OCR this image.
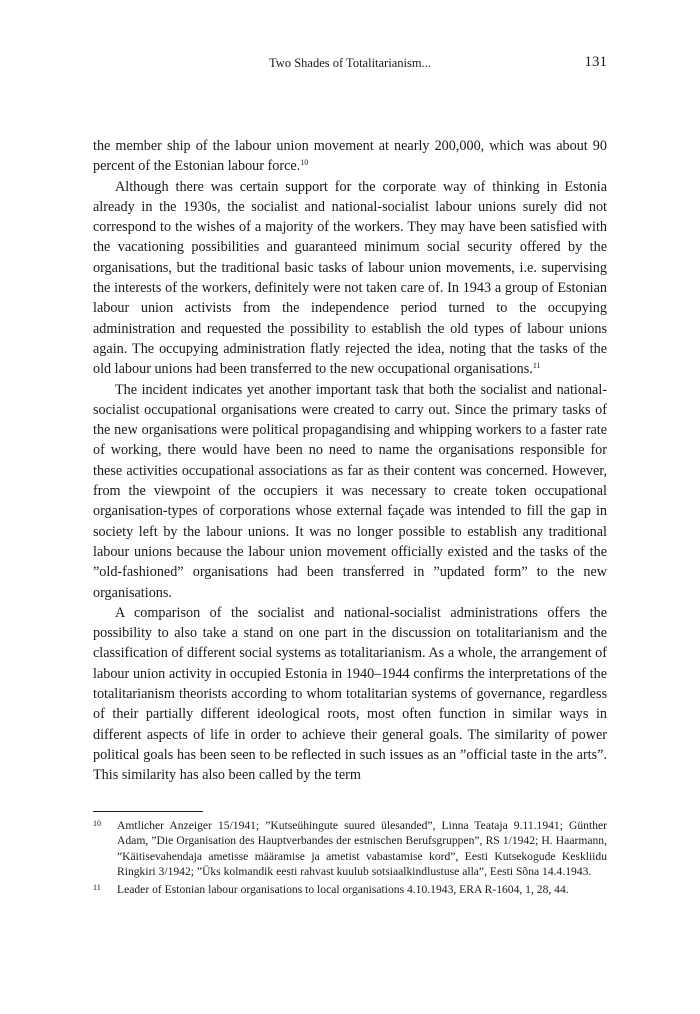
Two Shades of Totalitarianism...	131

the member ship of the labour union movement at nearly 200,000, which was about 90 percent of the Estonian labour force.$^{10}$

Although there was certain support for the corporate way of thinking in Estonia already in the 1930s, the socialist and national-socialist labour unions surely did not correspond to the wishes of a majority of the workers. They may have been satisfied with the vacationing possibilities and guaranteed minimum social security offered by the organisations, but the traditional basic tasks of labour union movements, i.e. supervising the interests of the workers, definitely were not taken care of. In 1943 a group of Estonian labour union activists from the independence period turned to the occupying administration and requested the possibility to establish the old types of labour unions again. The occupying administration flatly rejected the idea, noting that the tasks of the old labour unions had been transferred to the new occupational organisations.$^{11}$

The incident indicates yet another important task that both the socialist and national-socialist occupational organisations were created to carry out. Since the primary tasks of the new organisations were political propagandising and whipping workers to a faster rate of working, there would have been no need to name the organisations responsible for these activities occupational associations as far as their content was concerned. However, from the viewpoint of the occupiers it was necessary to create token occupational organisation-types of corporations whose external façade was intended to fill the gap in society left by the labour unions. It was no longer possible to establish any traditional labour unions because the labour union movement officially existed and the tasks of the ”old-fashioned” organisations had been transferred in ”updated form” to the new organisations.

A comparison of the socialist and national-socialist administrations offers the possibility to also take a stand on one part in the discussion on totalitarianism and the classification of different social systems as totalitarianism. As a whole, the arrangement of labour union activity in occupied Estonia in 1940–1944 confirms the interpretations of the totalitarianism theorists according to whom totalitarian systems of governance, regardless of their partially different ideological roots, most often function in similar ways in different aspects of life in order to achieve their general goals. The similarity of power political goals has been seen to be reflected in such issues as an ”official taste in the arts”. This similarity has also been called by the term

10 Amtlicher Anzeiger 15/1941; ”Kutseühingute suured ülesanded”, Linna Teataja 9.11.1941; Günther Adam, ”Die Organisation des Hauptverbandes der estnischen Berufsgruppen”, RS 1/1942; H. Haarmann, ”Käitisevahendaja ametisse määramise ja ametist vabastamise kord”, Eesti Kutsekogude Keskliidu Ringkiri 3/1942; ”Üks kolmandik eesti rahvast kuulub sotsiaalkindlustuse alla”, Eesti Sõna 14.4.1943.

11 Leader of Estonian labour organisations to local organisations 4.10.1943, ERA R-1604, 1, 28, 44.
